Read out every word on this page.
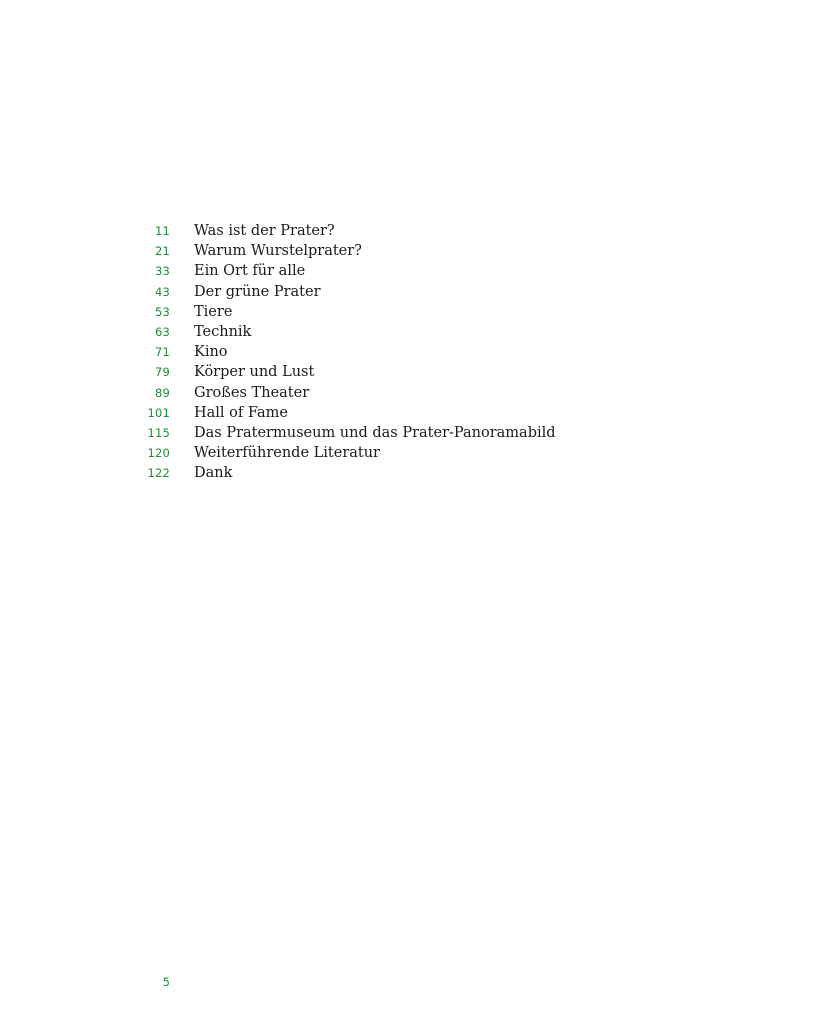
11 Was ist der Prater?
21 Warum Wurstelprater?
33 Ein Ort für alle
43 Der grüne Prater
53 Tiere
63 Technik
71 Kino
79 Körper und Lust
89 Großes Theater
101 Hall of Fame
115 Das Pratermuseum und das Prater-Panoramabild
120 Weiterführende Literatur
122 Dank
5
